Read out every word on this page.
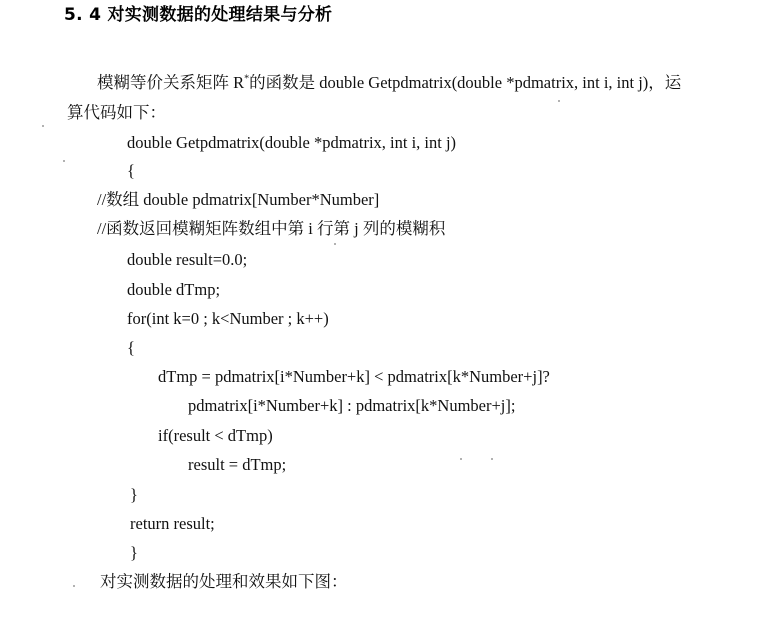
5. 4 对实测数据的处理结果与分析
模糊等价关系矩阵 R*的函数是 double Getpdmatrix(double *pdmatrix, int i, int j)，运
算代码如下：
double Getpdmatrix(double *pdmatrix, int i, int j)
{
//数组 double pdmatrix[Number*Number]
//函数返回模糊矩阵数组中第 i 行第 j 列的模糊积
double result=0.0;
double dTmp;
for(int k=0 ; k<Number ; k++)
{
dTmp = pdmatrix[i*Number+k] < pdmatrix[k*Number+j]?
pdmatrix[i*Number+k] : pdmatrix[k*Number+j];
if(result < dTmp)
result = dTmp;
}
return result;
}
对实测数据的处理和效果如下图：
